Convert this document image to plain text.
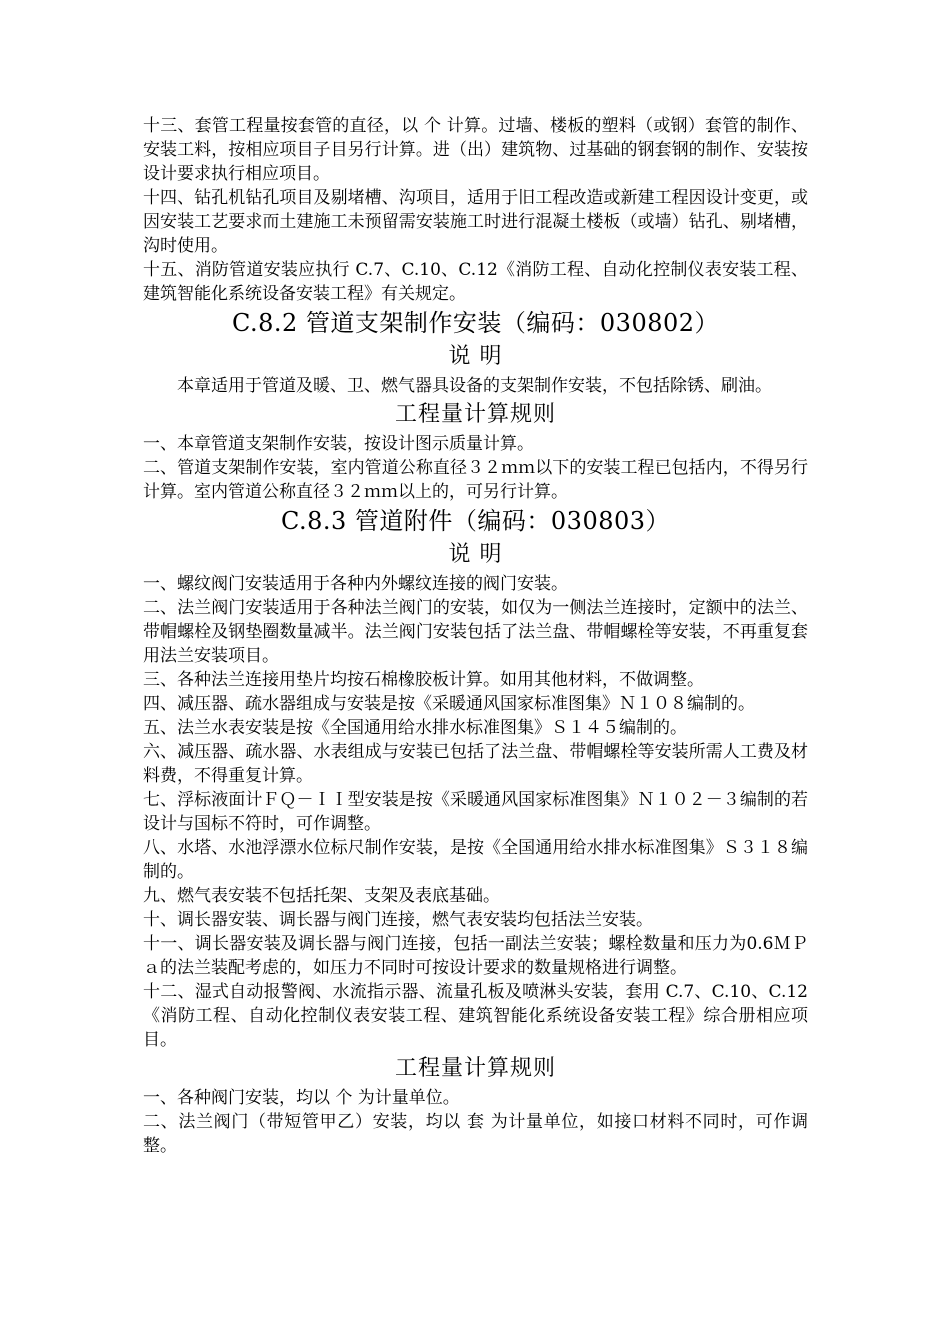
十三、套管工程量按套管的直径，以 个 计算。过墙、楼板的塑料（或钢）套管的制作、安装工料，按相应项目子目另行计算。进（出）建筑物、过基础的钢套钢的制作、安装按设计要求执行相应项目。

十四、钻孔机钻孔项目及剔堵槽、沟项目，适用于旧工程改造或新建工程因设计变更，或因安装工艺要求而土建施工未预留需安装施工时进行混凝土楼板（或墙）钻孔、剔堵槽，沟时使用。

十五、消防管道安装应执行 C.7、C.10、C.12《消防工程、自动化控制仪表安装工程、建筑智能化系统设备安装工程》有关规定。

C.8.2 管道支架制作安装（编码：030802）
说 明

本章适用于管道及暖、卫、燃气器具设备的支架制作安装，不包括除锈、刷油。

工程量计算规则

一、本章管道支架制作安装，按设计图示质量计算。

二、管道支架制作安装，室内管道公称直径３２ｍｍ以下的安装工程已包括内，不得另行计算。室内管道公称直径３２ｍｍ以上的，可另行计算。

C.8.3 管道附件（编码：030803）
说 明

一、螺纹阀门安装适用于各种内外螺纹连接的阀门安装。

二、法兰阀门安装适用于各种法兰阀门的安装，如仅为一侧法兰连接时，定额中的法兰、带帽螺栓及钢垫圈数量减半。法兰阀门安装包括了法兰盘、带帽螺栓等安装，不再重复套用法兰安装项目。

三、各种法兰连接用垫片均按石棉橡胶板计算。如用其他材料，不做调整。

四、减压器、疏水器组成与安装是按《采暖通风国家标准图集》Ｎ１０８编制的。

五、法兰水表安装是按《全国通用给水排水标准图集》Ｓ１４５编制的。

六、减压器、疏水器、水表组成与安装已包括了法兰盘、带帽螺栓等安装所需人工费及材料费，不得重复计算。

七、浮标液面计ＦＱ－ＩＩ型安装是按《采暖通风国家标准图集》Ｎ１０２－３编制的若设计与国标不符时，可作调整。

八、水塔、水池浮漂水位标尺制作安装，是按《全国通用给水排水标准图集》Ｓ３１８编制的。

九、燃气表安装不包括托架、支架及表底基础。

十、调长器安装、调长器与阀门连接，燃气表安装均包括法兰安装。

十一、调长器安装及调长器与阀门连接，包括一副法兰安装；螺栓数量和压力为0.6ＭＰａ的法兰装配考虑的，如压力不同时可按设计要求的数量规格进行调整。

十二、湿式自动报警阀、水流指示器、流量孔板及喷淋头安装，套用 C.7、C.10、C.12《消防工程、自动化控制仪表安装工程、建筑智能化系统设备安装工程》综合册相应项目。

工程量计算规则

一、各种阀门安装，均以 个 为计量单位。

二、法兰阀门（带短管甲乙）安装，均以 套 为计量单位，如接口材料不同时，可作调整。
